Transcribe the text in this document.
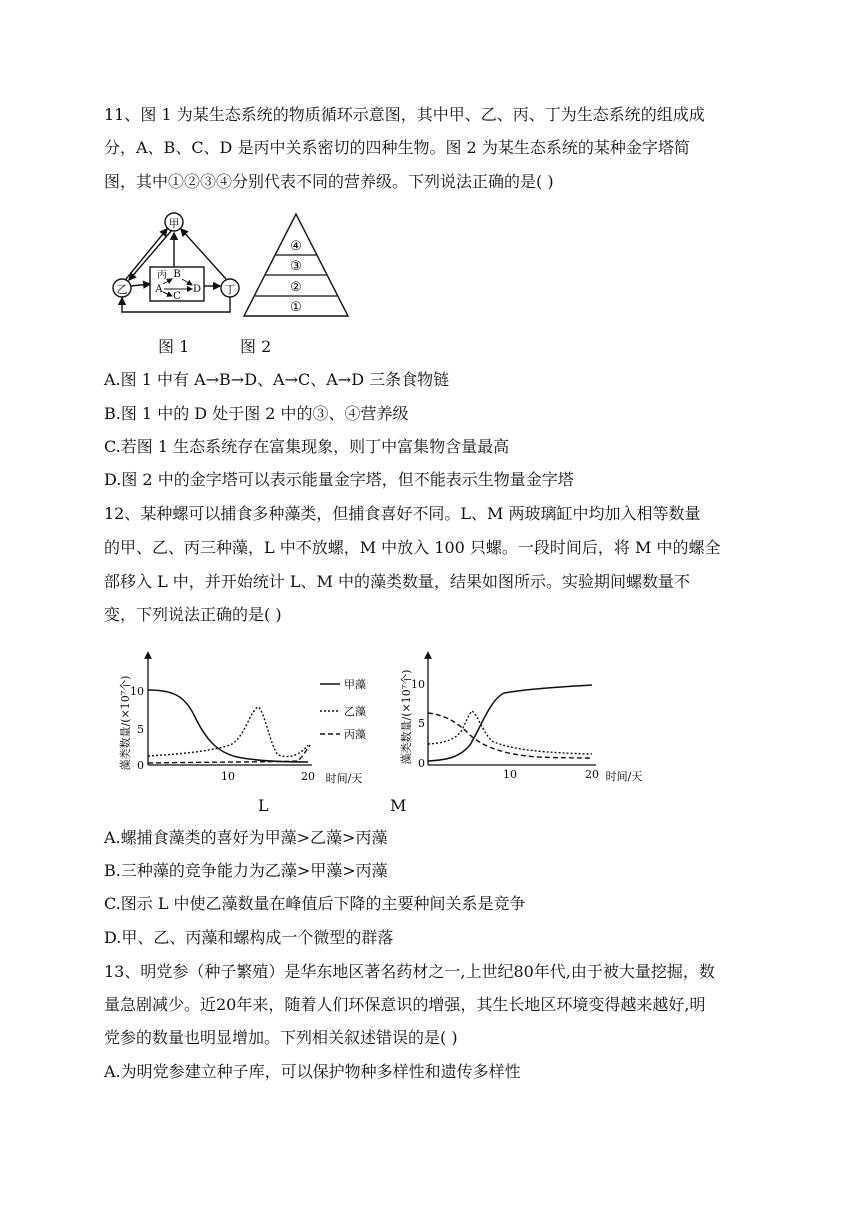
11、图 1 为某生态系统的物质循环示意图，其中甲、乙、丙、丁为生态系统的组成成
分，A、B、C、D 是丙中关系密切的四种生物。图 2 为某生态系统的某种金字塔简
图，其中①②③④分别代表不同的营养级。下列说法正确的是( )
甲
乙	丁
丙 B
A	D
C
④
③
②
①
图 1	图 2
A.图 1 中有 A→B→D、A→C、A→D 三条食物链
B.图 1 中的 D 处于图 2 中的③、④营养级
C.若图 1 生态系统存在富集现象，则丁中富集物含量最高
D.图 2 中的金字塔可以表示能量金字塔，但不能表示生物量金字塔
12、某种螺可以捕食多种藻类，但捕食喜好不同。L、M 两玻璃缸中均加入相等数量
的甲、乙、丙三种藻，L 中不放螺，M 中放入 100 只螺。一段时间后，将 M 中的螺全
部移入 L 中，并开始统计 L、M 中的藻类数量，结果如图所示。实验期间螺数量不
变，下列说法正确的是( )
藻类数量/(×10⁷个)
10
5
0
10	20 时间/天
甲藻
乙藻
丙藻	藻类数量/(×10⁷个)
10
5
0
10	20 时间/天
L	M
A.螺捕食藻类的喜好为甲藻>乙藻>丙藻
B.三种藻的竞争能力为乙藻>甲藻>丙藻
C.图示 L 中使乙藻数量在峰值后下降的主要种间关系是竞争
D.甲、乙、丙藻和螺构成一个微型的群落
13、明党参（种子繁殖）是华东地区著名药材之一,上世纪80年代,由于被大量挖掘，数
量急剧减少。近20年来，随着人们环保意识的增强，其生长地区环境变得越来越好,明
党参的数量也明显增加。下列相关叙述错误的是( )
A.为明党参建立种子库，可以保护物种多样性和遗传多样性
